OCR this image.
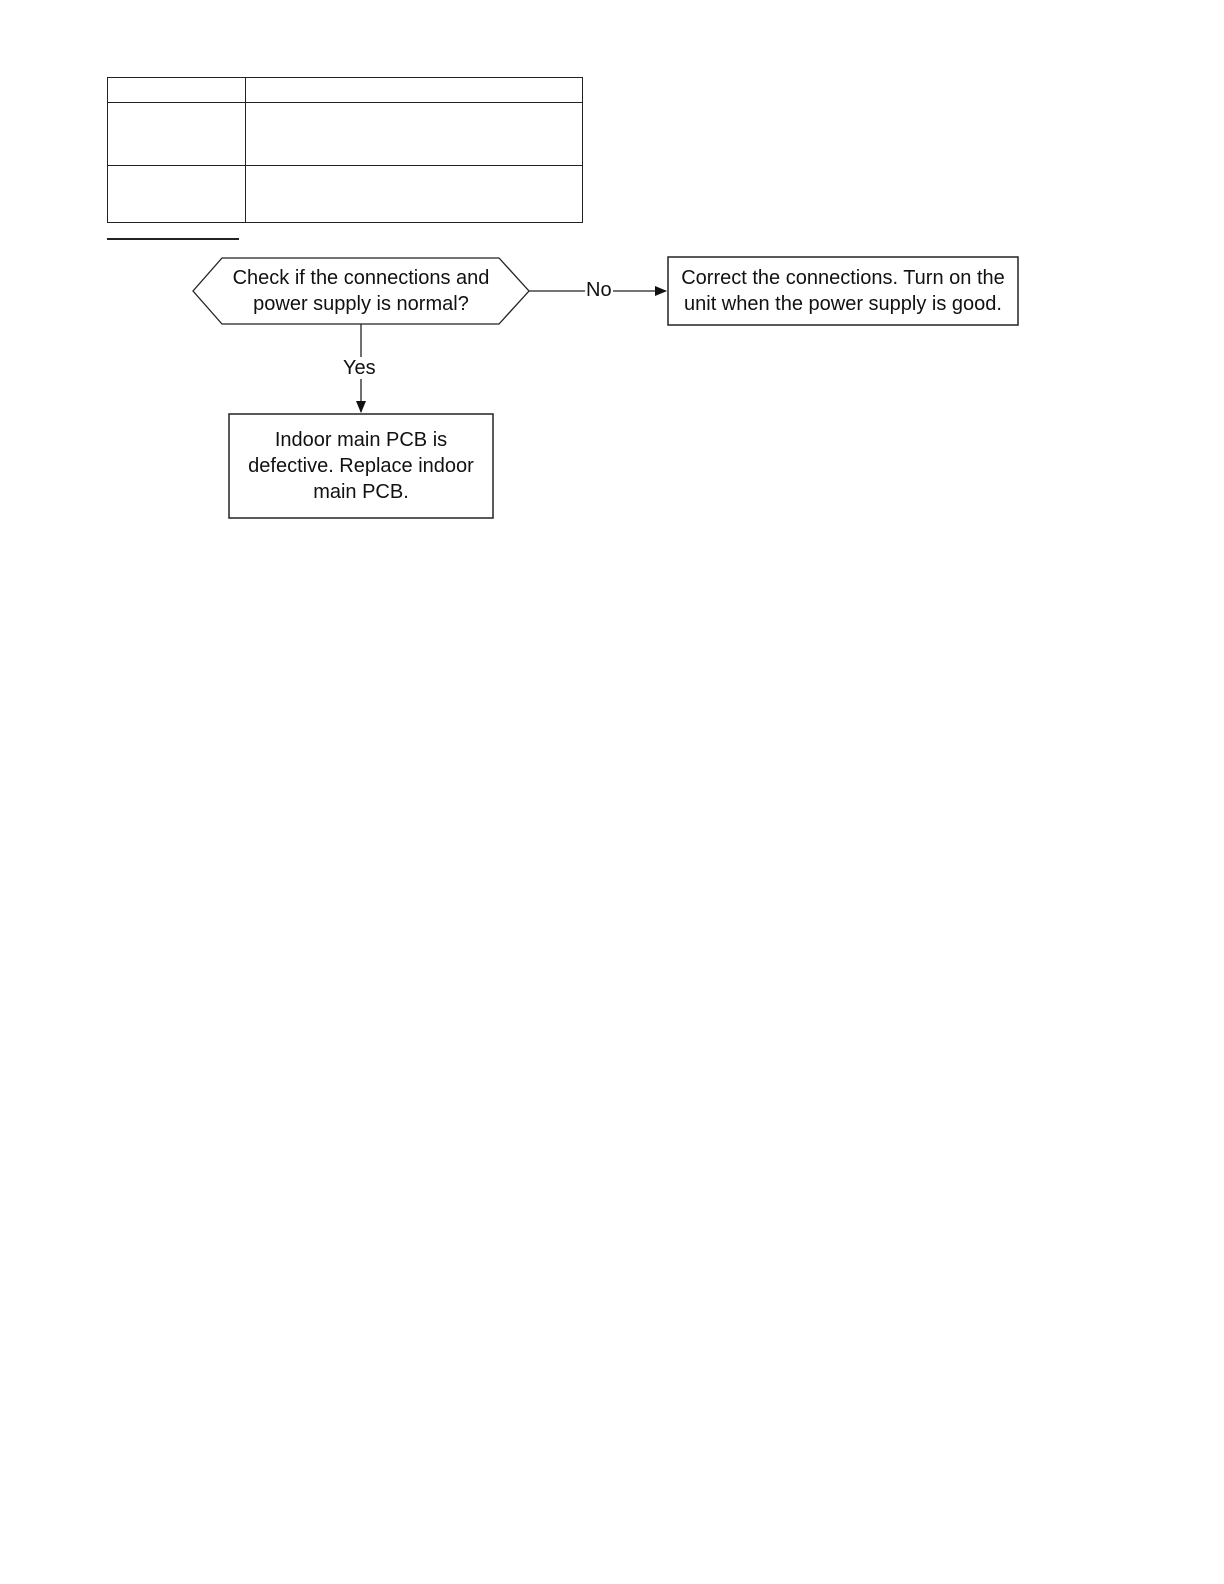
Check if the connections and
power supply is normal?
Correct the connections. Turn on the
unit when the power supply is good.
Indoor main PCB is
defective. Replace indoor
main PCB.
No
Yes
